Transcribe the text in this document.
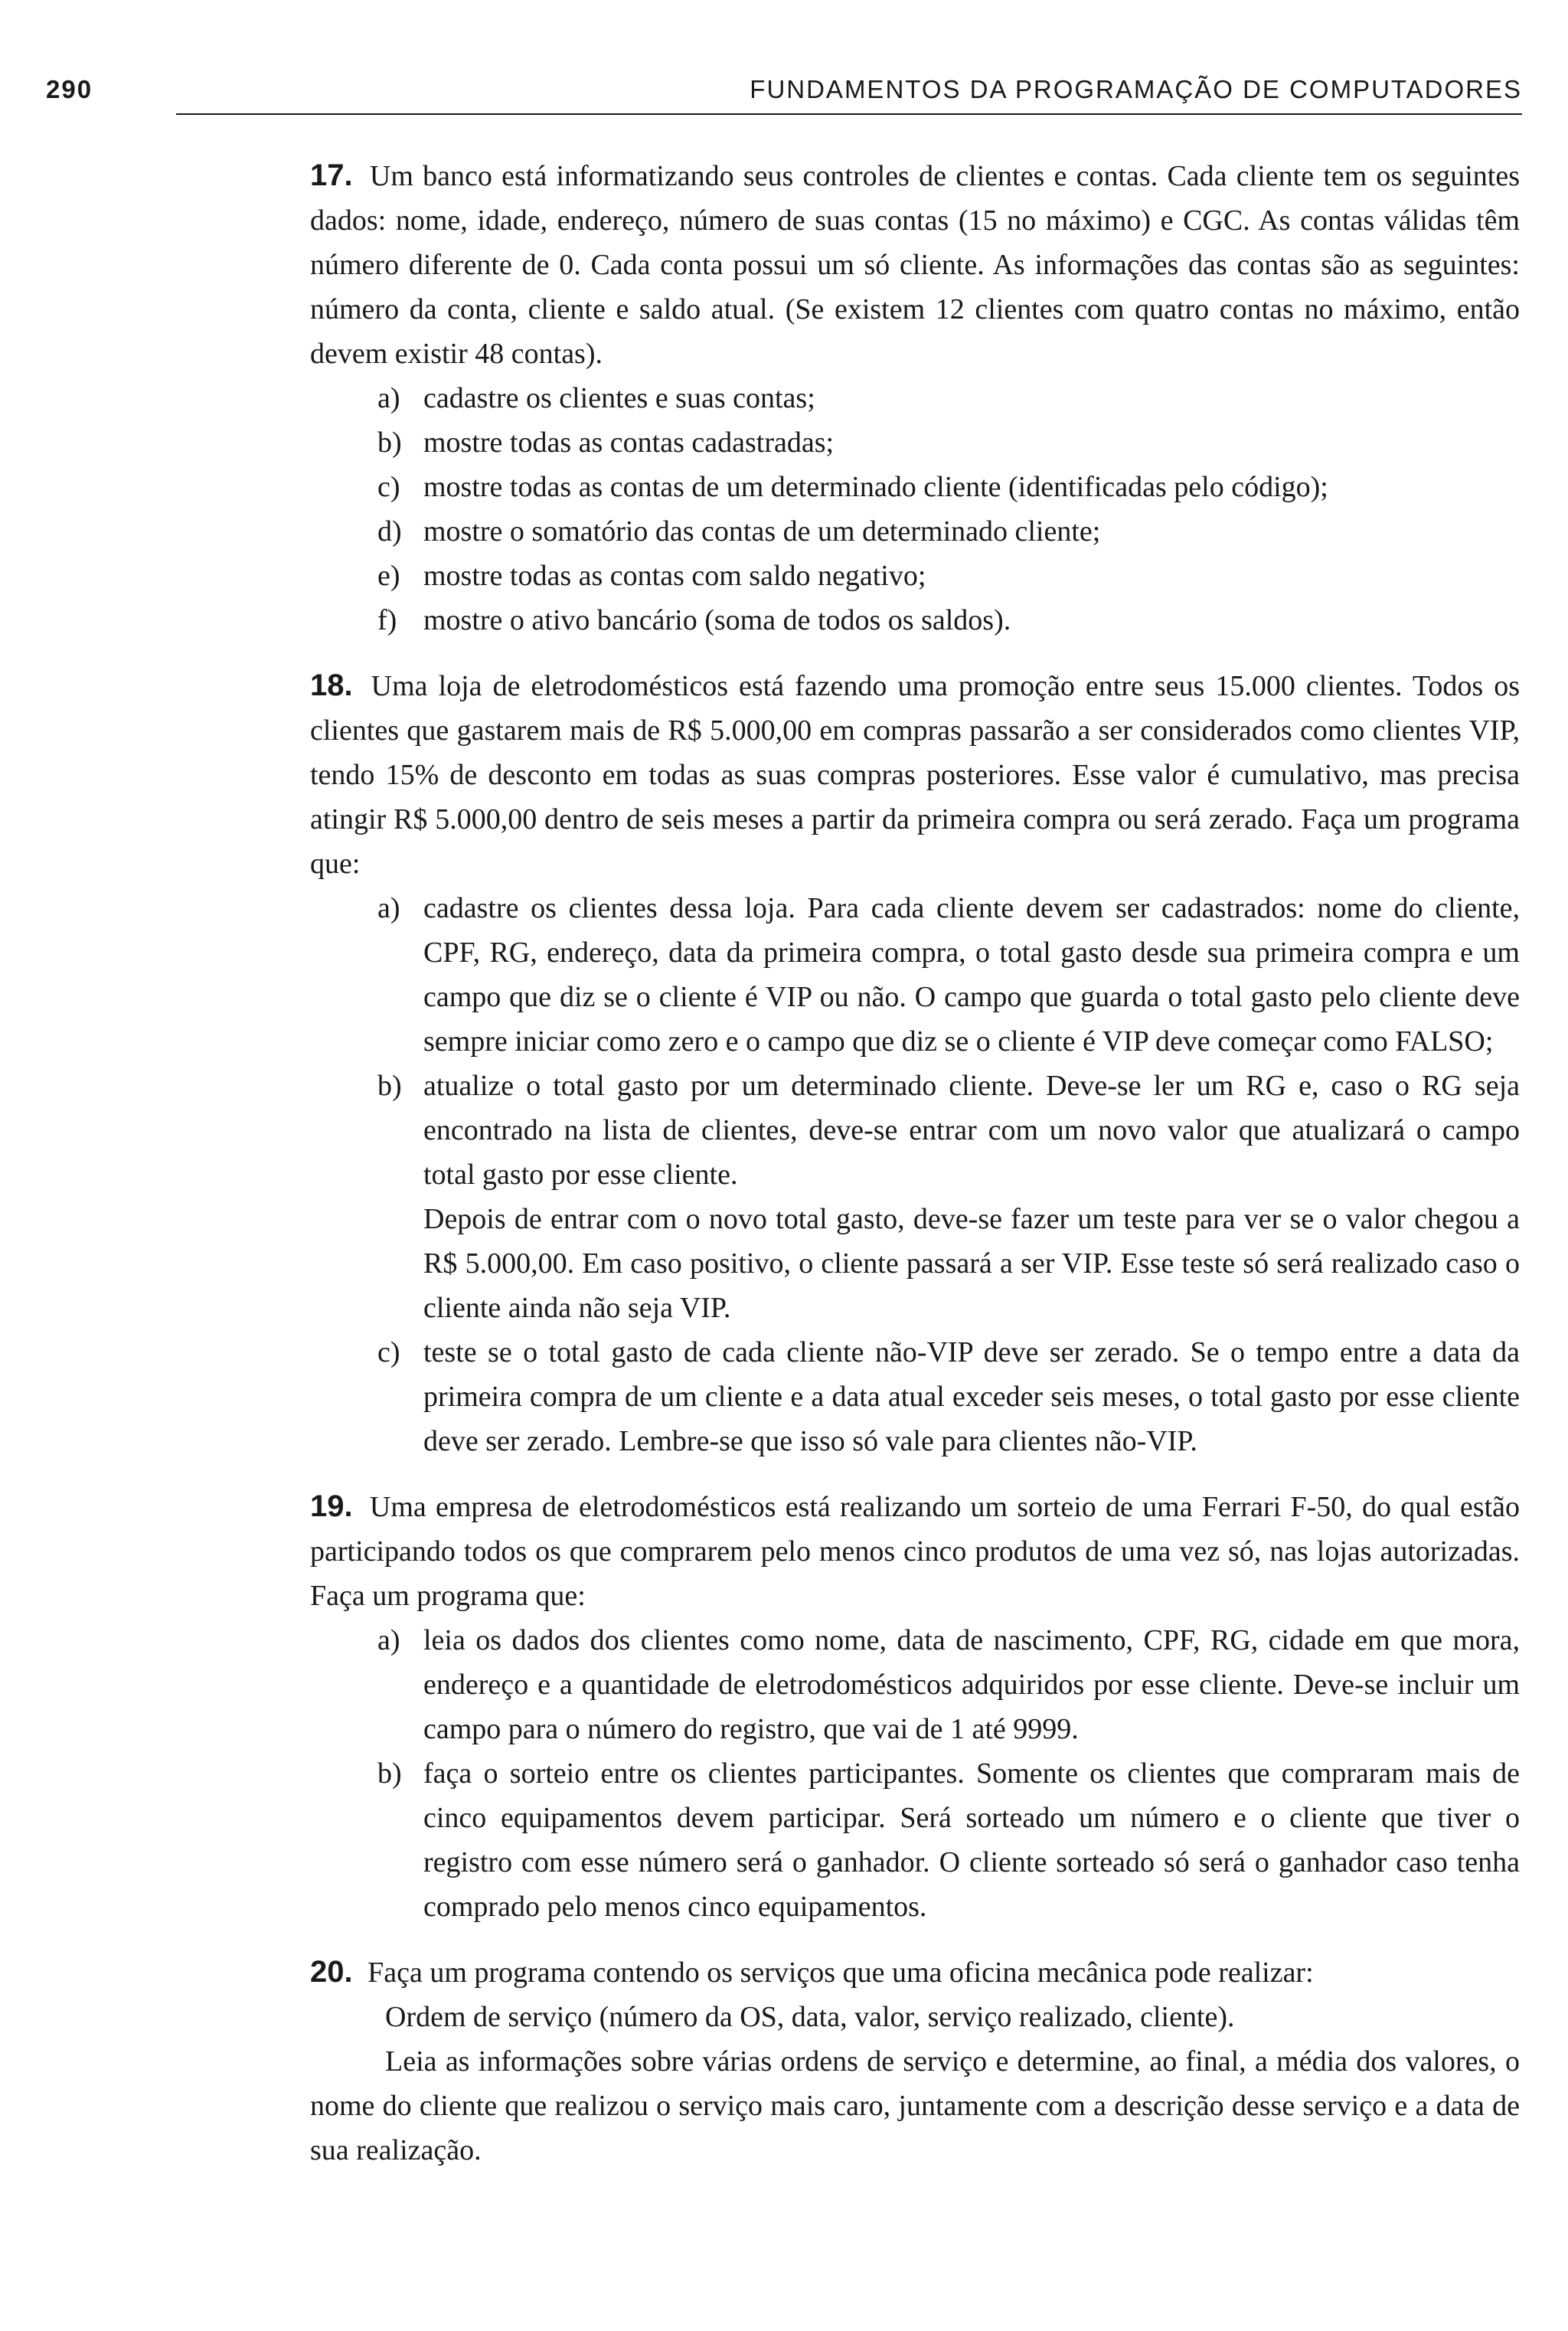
290	FUNDAMENTOS DA PROGRAMAÇÃO DE COMPUTADORES

17. Um banco está informatizando seus controles de clientes e contas. Cada cliente tem os seguintes dados: nome, idade, endereço, número de suas contas (15 no máximo) e CGC. As contas válidas têm número diferente de 0. Cada conta possui um só cliente. As informações das contas são as seguintes: número da conta, cliente e saldo atual. (Se existem 12 clientes com quatro contas no máximo, então devem existir 48 contas).

a) cadastre os clientes e suas contas;
b) mostre todas as contas cadastradas;
c) mostre todas as contas de um determinado cliente (identificadas pelo código);
d) mostre o somatório das contas de um determinado cliente;
e) mostre todas as contas com saldo negativo;
f) mostre o ativo bancário (soma de todos os saldos).

18. Uma loja de eletrodomésticos está fazendo uma promoção entre seus 15.000 clientes. Todos os clientes que gastarem mais de R$ 5.000,00 em compras passarão a ser considerados como clientes VIP, tendo 15% de desconto em todas as suas compras posteriores. Esse valor é cumulativo, mas precisa atingir R$ 5.000,00 dentro de seis meses a partir da primeira compra ou será zerado. Faça um programa que:

a) cadastre os clientes dessa loja. Para cada cliente devem ser cadastrados: nome do cliente, CPF, RG, endereço, data da primeira compra, o total gasto desde sua primeira compra e um campo que diz se o cliente é VIP ou não. O campo que guarda o total gasto pelo cliente deve sempre iniciar como zero e o campo que diz se o cliente é VIP deve começar como FALSO;
b) atualize o total gasto por um determinado cliente. Deve-se ler um RG e, caso o RG seja encontrado na lista de clientes, deve-se entrar com um novo valor que atualizará o campo total gasto por esse cliente.
Depois de entrar com o novo total gasto, deve-se fazer um teste para ver se o valor chegou a R$ 5.000,00. Em caso positivo, o cliente passará a ser VIP. Esse teste só será realizado caso o cliente ainda não seja VIP.
c) teste se o total gasto de cada cliente não-VIP deve ser zerado. Se o tempo entre a data da primeira compra de um cliente e a data atual exceder seis meses, o total gasto por esse cliente deve ser zerado. Lembre-se que isso só vale para clientes não-VIP.

19. Uma empresa de eletrodomésticos está realizando um sorteio de uma Ferrari F-50, do qual estão participando todos os que comprarem pelo menos cinco produtos de uma vez só, nas lojas autorizadas. Faça um programa que:

a) leia os dados dos clientes como nome, data de nascimento, CPF, RG, cidade em que mora, endereço e a quantidade de eletrodomésticos adquiridos por esse cliente. Deve-se incluir um campo para o número do registro, que vai de 1 até 9999.
b) faça o sorteio entre os clientes participantes. Somente os clientes que compraram mais de cinco equipamentos devem participar. Será sorteado um número e o cliente que tiver o registro com esse número será o ganhador. O cliente sorteado só será o ganhador caso tenha comprado pelo menos cinco equipamentos.

20. Faça um programa contendo os serviços que uma oficina mecânica pode realizar:

Ordem de serviço (número da OS, data, valor, serviço realizado, cliente).

Leia as informações sobre várias ordens de serviço e determine, ao final, a média dos valores, o nome do cliente que realizou o serviço mais caro, juntamente com a descrição desse serviço e a data de sua realização.
